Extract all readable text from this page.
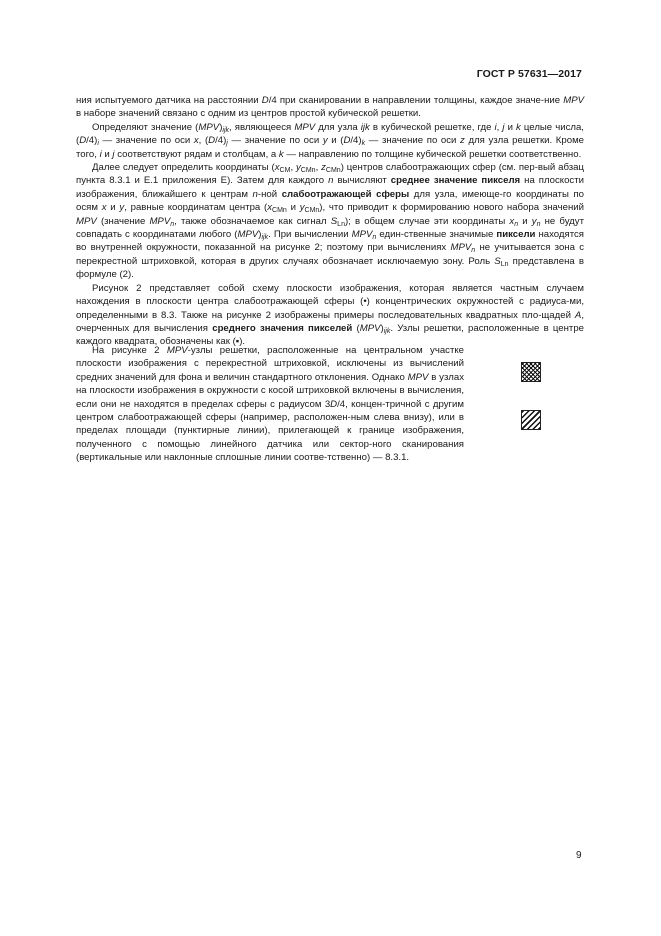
ГОСТ Р 57631—2017

ния испытуемого датчика на расстоянии D/4 при сканировании в направлении толщины, каждое значе-ние MPV в наборе значений связано с одним из центров простой кубической решетки.

Определяют значение $(MPV)_{ijk}$, являющееся MPV для узла ijk в кубической решетке, где i, j и k целые числа, $(D/4)_i$ — значение по оси x, $(D/4)_j$ — значение по оси y и $(D/4)_k$ — значение по оси z для узла решетки. Кроме того, i и j соответствуют рядам и столбцам, а k — направлению по толщине кубической решетки соответственно.

Далее следует определить координаты ($x_{CM}$, $y_{CMn}$, $z_{CMn}$) центров слабоотражающих сфер (см. пер-вый абзац пункта 8.3.1 и Е.1 приложения Е). Затем для каждого n вычисляют среднее значение пикселя на плоскости изображения, ближайшего к центрам n-ной слабоотражающей сферы для узла, имеюще-го координаты по осям x и y, равные координатам центра ($x_{CMn}$ и $y_{CMn}$), что приводит к формированию нового набора значений MPV (значение $MPV_n$, также обозначаемое как сигнал $S_{Ln}$); в общем случае эти координаты $x_n$ и $y_n$ не будут совпадать с координатами любого $(MPV)_{ijk}$. При вычислении $MPV_n$ един-ственные значимые пиксели находятся во внутренней окружности, показанной на рисунке 2; поэтому при вычислениях $MPV_n$ не учитывается зона с перекрестной штриховкой, которая в других случаях обозначает исключаемую зону. Роль $S_{Ln}$ представлена в формуле (2).

Рисунок 2 представляет собой схему плоскости изображения, которая является частным случаем нахождения в плоскости центра слабоотражающей сферы (•) концентрических окружностей с радиуса-ми, определенными в 8.3. Также на рисунке 2 изображены примеры последовательных квадратных пло-щадей A, очерченных для вычисления среднего значения пикселей $(MPV)_{ijk}$. Узлы решетки, расположенные в центре каждого квадрата, обозначены как (▪).

На рисунке 2 MPV-узлы решетки, расположенные на центральном участке плоскости изображения с перекрестной штриховкой, исключены из вычислений средних значений для фона и величин стандартного отклонения. Однако MPV в узлах на плоскости изображения в окружности с косой штриховкой включены в вычисления, если они не находятся в пределах сферы с радиусом 3D/4, концен-тричной с другим центром слабоотражающей сферы (например, расположен-ным слева внизу), или в пределах площади (пунктирные линии), прилегающей к границе изображения, полученного с помощью линейного датчика или сектор-ного сканирования (вертикальные или наклонные сплошные линии соотве-тственно) — 8.3.1.

9
